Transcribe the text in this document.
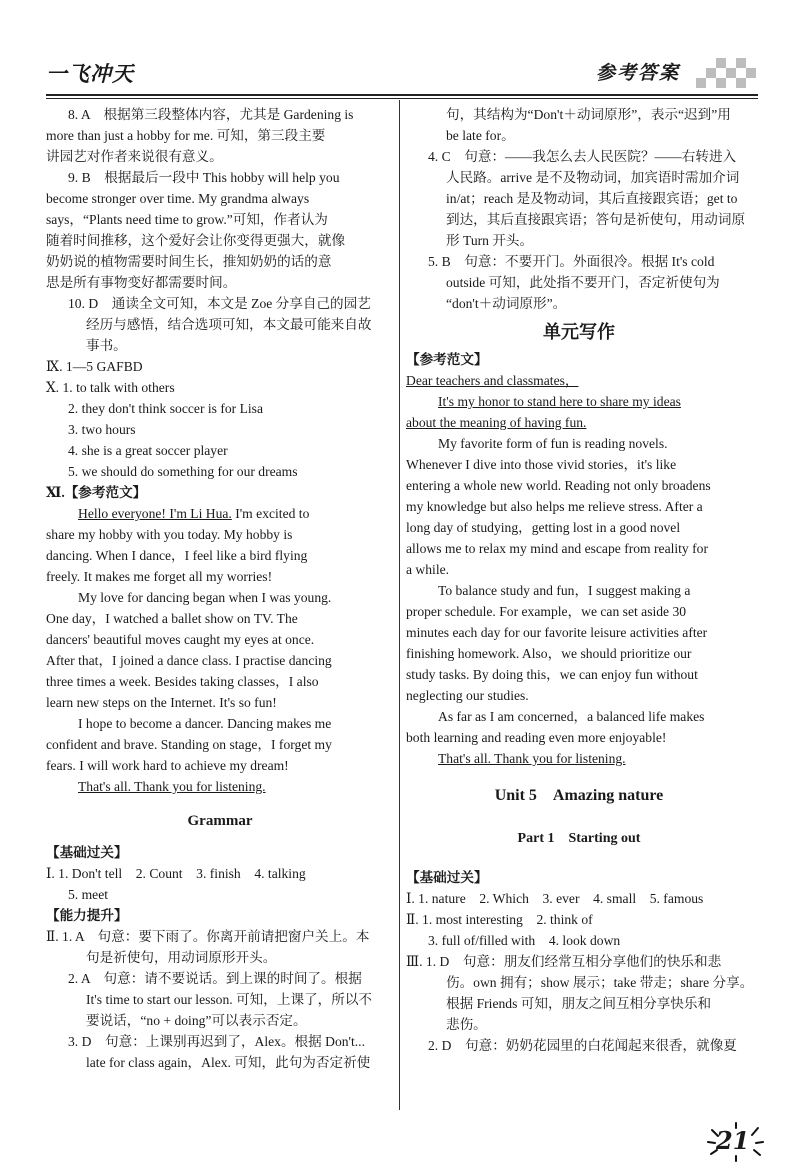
一飞冲天	参考答案
8. A　根据第三段整体内容，尤其是 Gardening is
more than just a hobby for me. 可知，第三段主要
讲园艺对作者来说很有意义。
9. B　根据最后一段中 This hobby will help you
become stronger over time. My grandma always
says，“Plants need time to grow.”可知，作者认为
随着时间推移，这个爱好会让你变得更强大，就像
奶奶说的植物需要时间生长，推知奶奶的话的意
思是所有事物变好都需要时间。
10. D　通读全文可知，本文是 Zoe 分享自己的园艺
经历与感悟，结合选项可知，本文最可能来自故
事书。
Ⅸ. 1—5 GAFBD
Ⅹ. 1. to talk with others
2. they don't think soccer is for Lisa
3. two hours
4. she is a great soccer player
5. we should do something for our dreams
Ⅺ.【参考范文】
Hello everyone! I'm Li Hua. I'm excited to
share my hobby with you today. My hobby is
dancing. When I dance，I feel like a bird flying
freely. It makes me forget all my worries!
My love for dancing began when I was young.
One day，I watched a ballet show on TV. The
dancers' beautiful moves caught my eyes at once.
After that，I joined a dance class. I practise dancing
three times a week. Besides taking classes，I also
learn new steps on the Internet. It's so fun!
I hope to become a dancer. Dancing makes me
confident and brave. Standing on stage，I forget my
fears. I will work hard to achieve my dream!
That's all. Thank you for listening.
Grammar
【基础过关】
Ⅰ. 1. Don't tell　2. Count　3. finish　4. talking
5. meet
【能力提升】
Ⅱ. 1. A　句意：要下雨了。你离开前请把窗户关上。本
句是祈使句，用动词原形开头。
2. A　句意：请不要说话。到上课的时间了。根据
It's time to start our lesson. 可知，上课了，所以不
要说话，“no + doing”可以表示否定。
3. D　句意：上课别再迟到了，Alex。根据 Don't...
late for class again，Alex. 可知，此句为否定祈使
句，其结构为“Don't＋动词原形”，表示“迟到”用
be late for。
4. C　句意：——我怎么去人民医院？——右转进入
人民路。arrive 是不及物动词，加宾语时需加介词
in/at；reach 是及物动词，其后直接跟宾语；get to
到达，其后直接跟宾语；答句是祈使句，用动词原
形 Turn 开头。
5. B　句意：不要开门。外面很冷。根据 It's cold
outside 可知，此处指不要开门，否定祈使句为
“don't＋动词原形”。
单元写作
【参考范文】
Dear teachers and classmates，
It's my honor to stand here to share my ideas
about the meaning of having fun.
My favorite form of fun is reading novels.
Whenever I dive into those vivid stories，it's like
entering a whole new world. Reading not only broadens
my knowledge but also helps me relieve stress. After a
long day of studying，getting lost in a good novel
allows me to relax my mind and escape from reality for
a while.
To balance study and fun，I suggest making a
proper schedule. For example，we can set aside 30
minutes each day for our favorite leisure activities after
finishing homework. Also，we should prioritize our
study tasks. By doing this，we can enjoy fun without
neglecting our studies.
As far as I am concerned，a balanced life makes
both learning and reading even more enjoyable!
That's all. Thank you for listening.
Unit 5　Amazing nature
Part 1　Starting out
【基础过关】
Ⅰ. 1. nature　2. Which　3. ever　4. small　5. famous
Ⅱ. 1. most interesting　2. think of
3. full of/filled with　4. look down
Ⅲ. 1. D　句意：朋友们经常互相分享他们的快乐和悲
伤。own 拥有；show 展示；take 带走；share 分享。
根据 Friends 可知，朋友之间互相分享快乐和
悲伤。
2. D　句意：奶奶花园里的白花闻起来很香，就像夏
21
